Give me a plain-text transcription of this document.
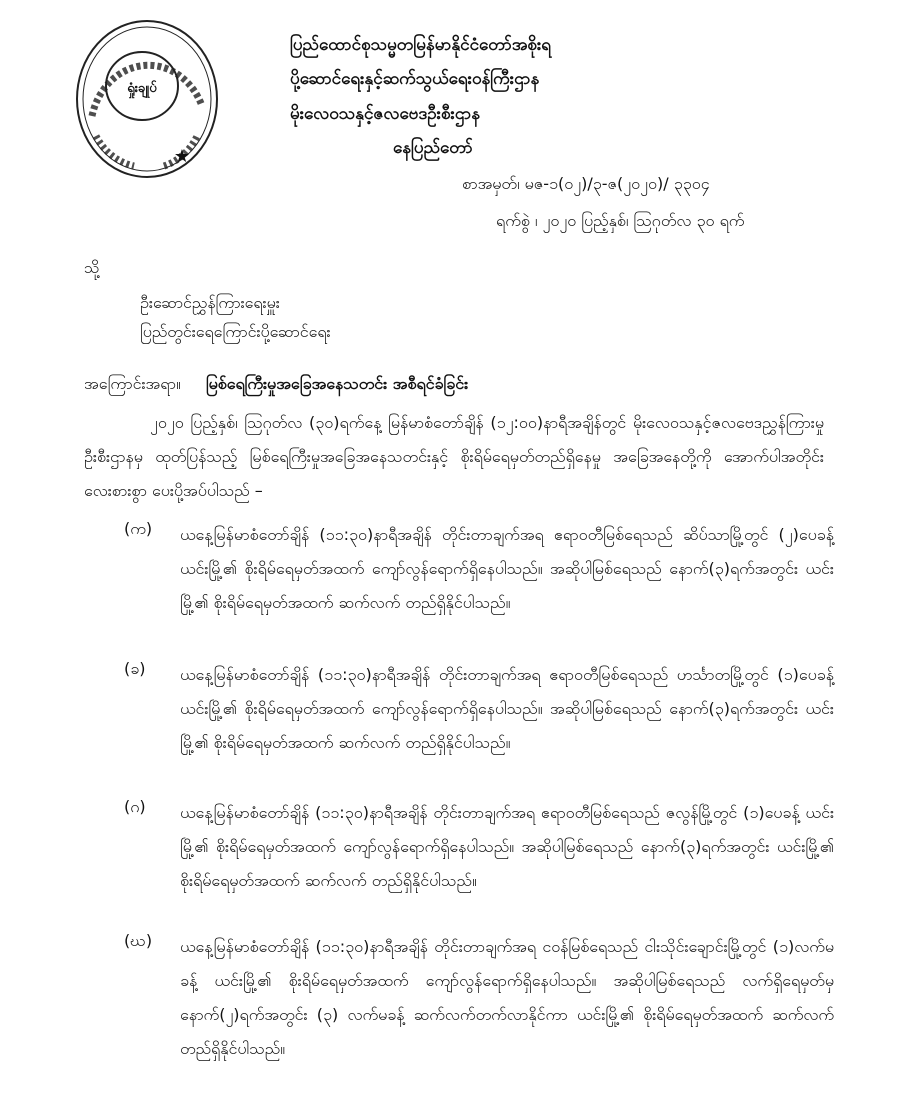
ရှုံးချုပ်
★
ပြည်ထောင်စုသမ္မတမြန်မာနိုင်ငံတော်အစိုးရ
ပို့ဆောင်ရေးနှင့်ဆက်သွယ်ရေးဝန်ကြီးဌာန
မိုးလေဝသနှင့်ဇလဗေဒဦးစီးဌာန
နေပြည်တော်
စာအမှတ်၊ မဇ-၁(၀၂)/၃-ဇ(၂၀၂၀)/ ၃၃၀၄
ရက်စွဲ ၊ ၂၀၂၀ ပြည့်နှစ်၊ ဩဂုတ်လ ၃၀ ရက်
သို့
ဦးဆောင်ညွှန်ကြားရေးမှူး
ပြည်တွင်းရေကြောင်းပို့ဆောင်ရေး
အကြောင်းအရာ။ မြစ်ရေကြီးမှုအခြေအနေသတင်း အစီရင်ခံခြင်း
၂၀၂၀ ပြည့်နှစ်၊ ဩဂုတ်လ (၃၀)ရက်နေ့ မြန်မာစံတော်ချိန် (၁၂:၀၀)နာရီအချိန်တွင် မိုးလေဝသနှင့်ဇလဗေဒညွှန်ကြားမှုဦးစီးဌာနမှ ထုတ်ပြန်သည့် မြစ်ရေကြီးမှုအခြေအနေသတင်းနှင့် စိုးရိမ်ရေမှတ်တည်ရှိနေမှု အခြေအနေတို့ကို အောက်ပါအတိုင်း လေးစားစွာ ပေးပို့အပ်ပါသည် –
(က) ယနေ့မြန်မာစံတော်ချိန် (၁၁:၃၀)နာရီအချိန် တိုင်းတာချက်အရ ဧရာဝတီမြစ်ရေသည် ဆိပ်သာမြို့တွင် (၂)ပေခန့် ယင်းမြို့၏ စိုးရိမ်ရေမှတ်အထက် ကျော်လွန်ရောက်ရှိနေပါသည်။ အဆိုပါမြစ်ရေသည် နောက်(၃)ရက်အတွင်း ယင်းမြို့၏ စိုးရိမ်ရေမှတ်အထက် ဆက်လက် တည်ရှိနိုင်ပါသည်။
(ခ) ယနေ့မြန်မာစံတော်ချိန် (၁၁:၃၀)နာရီအချိန် တိုင်းတာချက်အရ ဧရာဝတီမြစ်ရေသည် ဟင်္သာတမြို့တွင် (၁)ပေခန့် ယင်းမြို့၏ စိုးရိမ်ရေမှတ်အထက် ကျော်လွန်ရောက်ရှိနေပါသည်။ အဆိုပါမြစ်ရေသည် နောက်(၃)ရက်အတွင်း ယင်းမြို့၏ စိုးရိမ်ရေမှတ်အထက် ဆက်လက် တည်ရှိနိုင်ပါသည်။
(ဂ) ယနေ့မြန်မာစံတော်ချိန် (၁၁:၃၀)နာရီအချိန် တိုင်းတာချက်အရ ဧရာဝတီမြစ်ရေသည် ဇလွန်မြို့တွင် (၁)ပေခန့် ယင်းမြို့၏ စိုးရိမ်ရေမှတ်အထက် ကျော်လွန်ရောက်ရှိနေပါသည်။ အဆိုပါမြစ်ရေသည် နောက်(၃)ရက်အတွင်း ယင်းမြို့၏ စိုးရိမ်ရေမှတ်အထက် ဆက်လက် တည်ရှိနိုင်ပါသည်။
(ဃ) ယနေ့မြန်မာစံတော်ချိန် (၁၁:၃၀)နာရီအချိန် တိုင်းတာချက်အရ ငဝန်မြစ်ရေသည် ငါးသိုင်းချောင်းမြို့တွင် (၁)လက်မခန့် ယင်းမြို့၏ စိုးရိမ်ရေမှတ်အထက် ကျော်လွန်ရောက်ရှိနေပါသည်။ အဆိုပါမြစ်ရေသည် လက်ရှိရေမှတ်မှ နောက်(၂)ရက်အတွင်း (၃) လက်မခန့် ဆက်လက်တက်လာနိုင်ကာ ယင်းမြို့၏ စိုးရိမ်ရေမှတ်အထက် ဆက်လက် တည်ရှိနိုင်ပါသည်။
